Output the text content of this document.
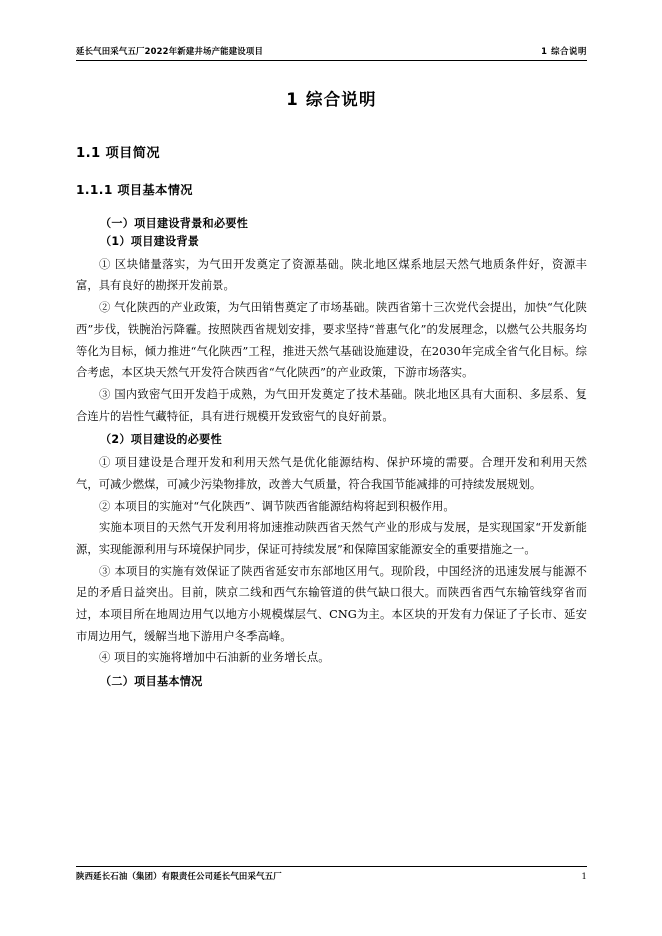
延长气田采气五厂2022年新建井场产能建设项目	1 综合说明
1 综合说明
1.1 项目简况
1.1.1 项目基本情况
（一）项目建设背景和必要性
（1）项目建设背景

① 区块储量落实，为气田开发奠定了资源基础。陕北地区煤系地层天然气地质条件好，资源丰富，具有良好的勘探开发前景。

② 气化陕西的产业政策，为气田销售奠定了市场基础。陕西省第十三次党代会提出，加快“气化陕西”步伐，铁腕治污降霾。按照陕西省规划安排，要求坚持“普惠气化”的发展理念，以燃气公共服务均等化为目标，倾力推进“气化陕西”工程，推进天然气基础设施建设，在2030年完成全省气化目标。综合考虑，本区块天然气开发符合陕西省“气化陕西”的产业政策，下游市场落实。

③ 国内致密气田开发趋于成熟，为气田开发奠定了技术基础。陕北地区具有大面积、多层系、复合连片的岩性气藏特征，具有进行规模开发致密气的良好前景。

（2）项目建设的必要性

① 项目建设是合理开发和利用天然气是优化能源结构、保护环境的需要。合理开发和利用天然气，可减少燃煤，可减少污染物排放，改善大气质量，符合我国节能减排的可持续发展规划。

② 本项目的实施对“气化陕西”、调节陕西省能源结构将起到积极作用。

实施本项目的天然气开发利用将加速推动陕西省天然气产业的形成与发展，是实现国家“开发新能源，实现能源利用与环境保护同步，保证可持续发展”和保障国家能源安全的重要措施之一。

③ 本项目的实施有效保证了陕西省延安市东部地区用气。现阶段，中国经济的迅速发展与能源不足的矛盾日益突出。目前，陕京二线和西气东输管道的供气缺口很大。而陕西省西气东输管线穿省而过，本项目所在地周边用气以地方小规模煤层气、CNG为主。本区块的开发有力保证了子长市、延安市周边用气，缓解当地下游用户冬季高峰。

④ 项目的实施将增加中石油新的业务增长点。

（二）项目基本情况
陕西延长石油（集团）有限责任公司延长气田采气五厂	1
